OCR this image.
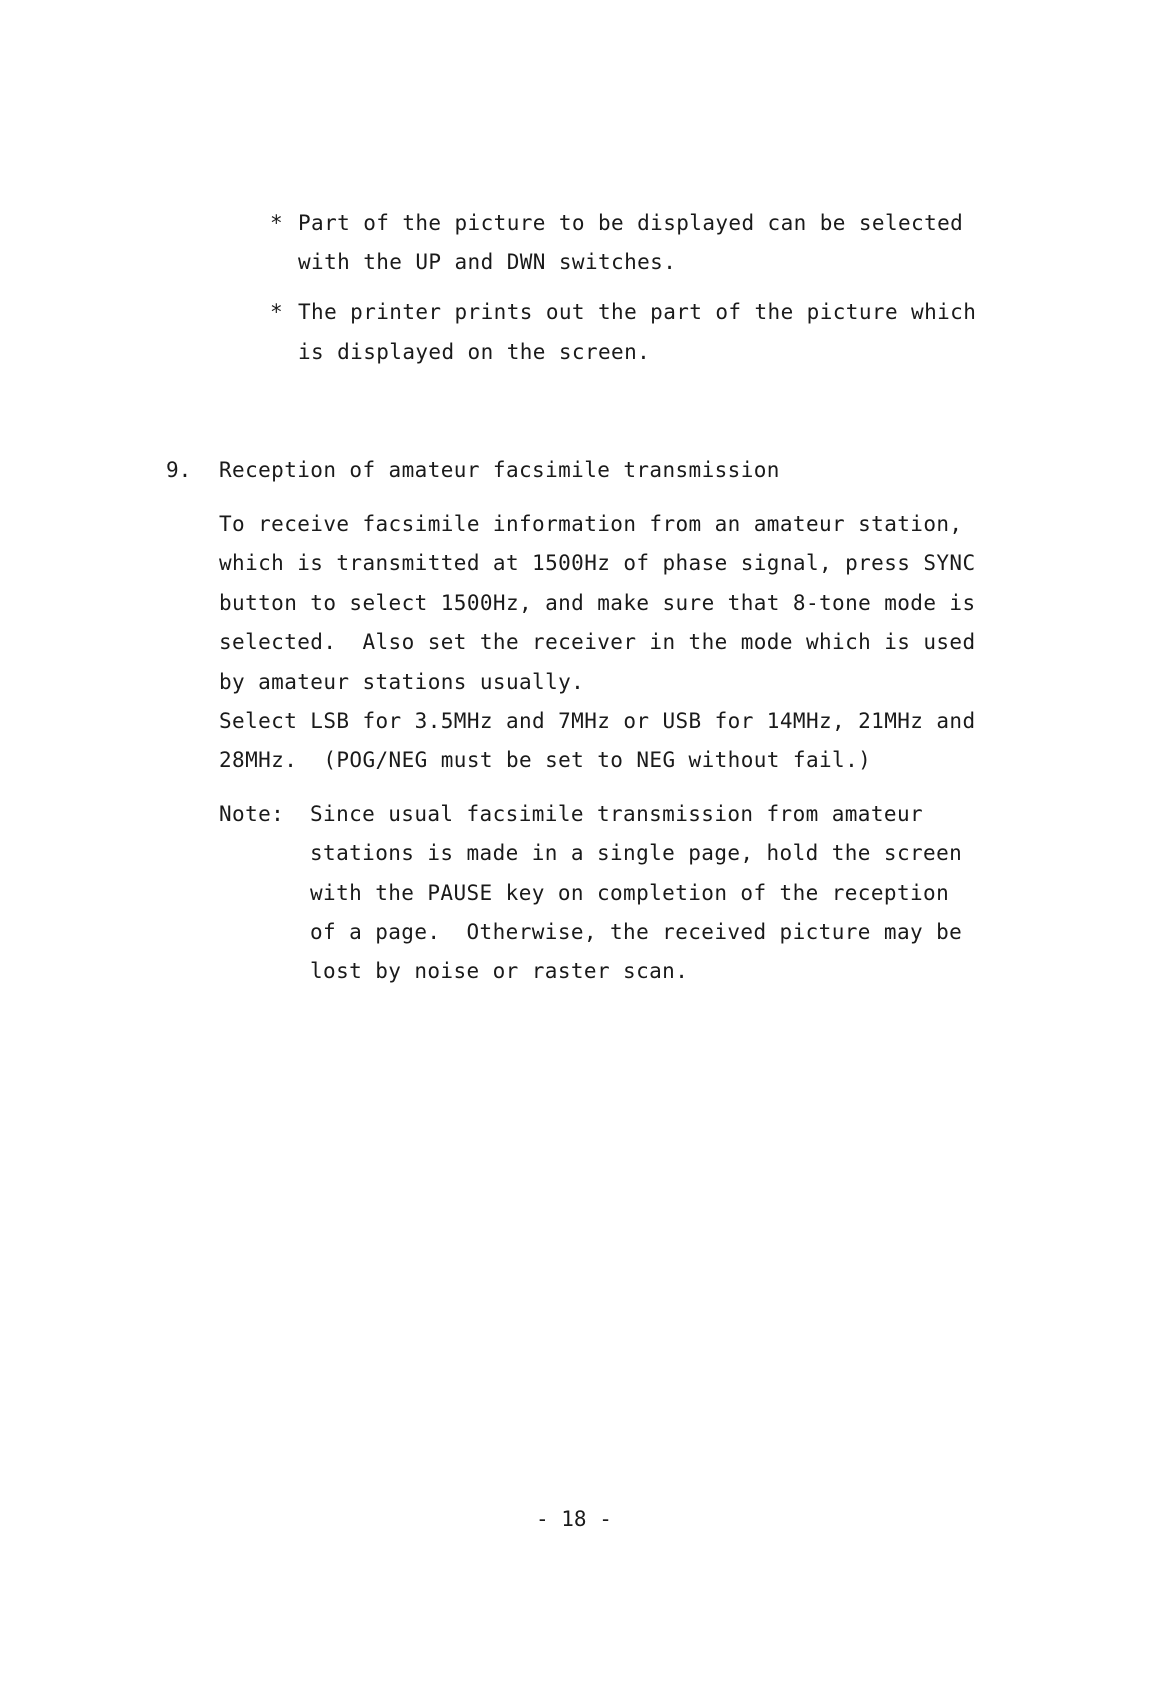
* Part of the picture to be displayed can be selected
with the UP and DWN switches.
* The printer prints out the part of the picture which
is displayed on the screen.
9. Reception of amateur facsimile transmission
To receive facsimile information from an amateur station,
which is transmitted at 1500Hz of phase signal, press SYNC
button to select 1500Hz, and make sure that 8-tone mode is
selected.  Also set the receiver in the mode which is used
by amateur stations usually.
Select LSB for 3.5MHz and 7MHz or USB for 14MHz, 21MHz and
28MHz.  (POG/NEG must be set to NEG without fail.)
Note: Since usual facsimile transmission from amateur
stations is made in a single page, hold the screen
with the PAUSE key on completion of the reception
of a page.  Otherwise, the received picture may be
lost by noise or raster scan.
- 18 -
